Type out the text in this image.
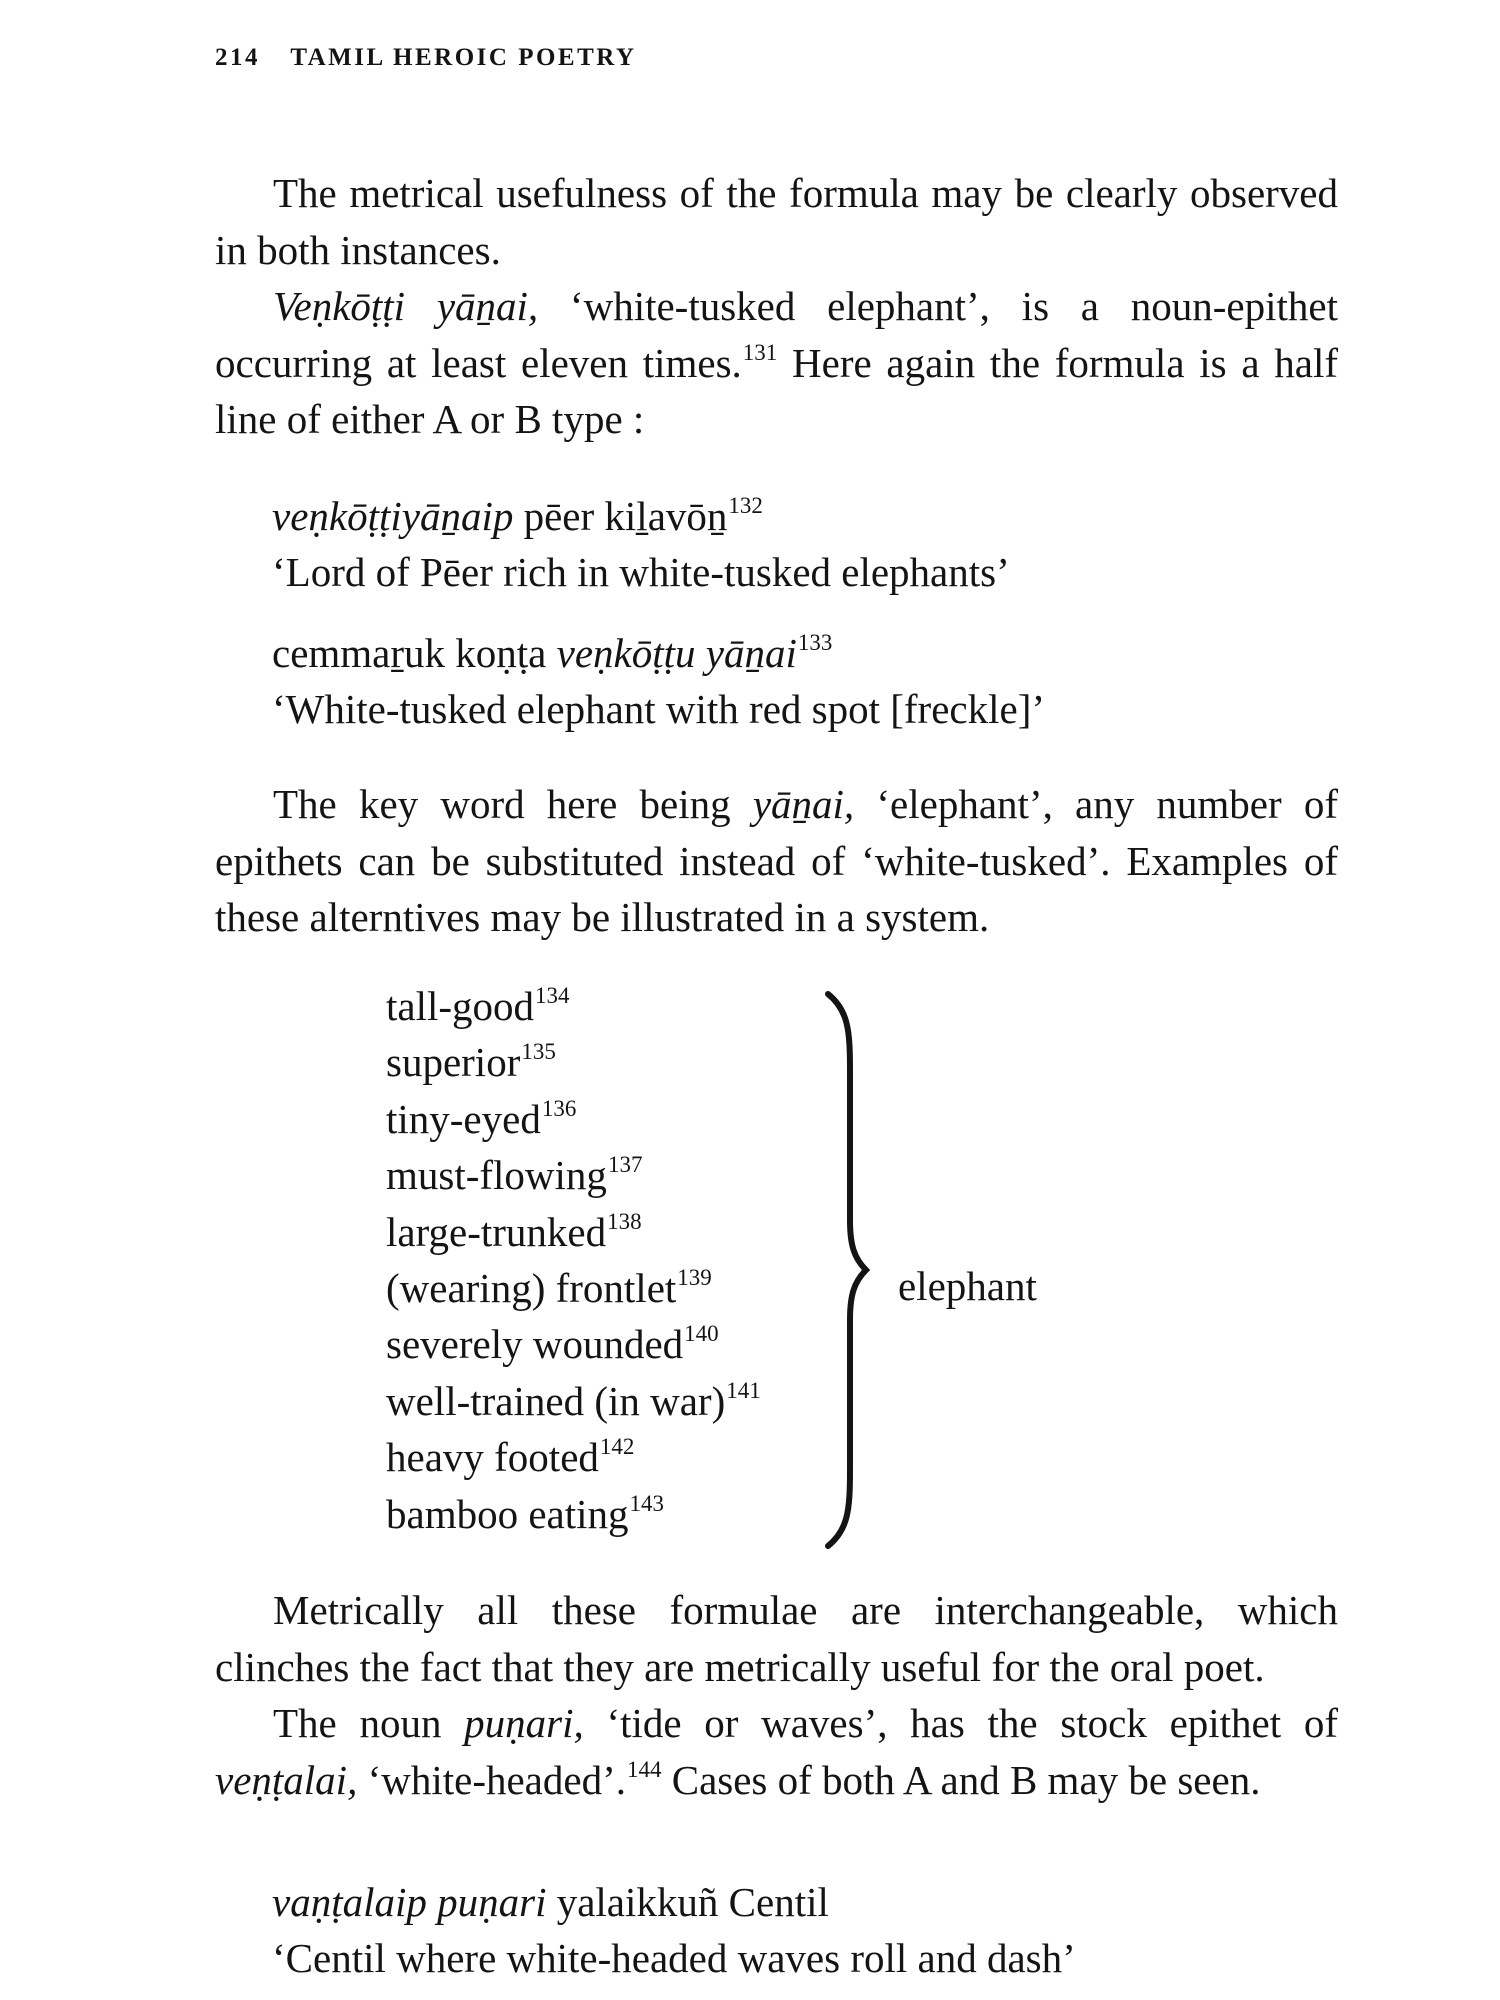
214 TAMIL HEROIC POETRY

The metrical usefulness of the formula may be clearly observed in both instances.

Veṇkōṭṭi yāṉai, ‘white-tusked elephant’, is a noun-epithet occurring at least eleven times.$^{131}$ Here again the formula is a half line of either A or B type :

veṇkōṭṭiyāṉaip pēer kiḻavōṉ$^{132}$
‘Lord of Pēer rich in white-tusked elephants’
cemmaṟuk koṇṭa veṇkōṭṭu yāṉai$^{133}$
‘White-tusked elephant with red spot [freckle]’

The key word here being yāṉai, ‘elephant’, any number of epithets can be substituted instead of ‘white-tusked’. Examples of these alterntives may be illustrated in a system.

tall-good$^{134}$
superior$^{135}$
tiny-eyed$^{136}$
must-flowing$^{137}$
large-trunked$^{138}$
(wearing) frontlet$^{139}$
severely wounded$^{140}$
well-trained (in war)$^{141}$
heavy footed$^{142}$
bamboo eating$^{143}$
elephant

Metrically all these formulae are interchangeable, which clinches the fact that they are metrically useful for the oral poet.

The noun puṇari, ‘tide or waves’, has the stock epithet of veṇṭalai, ‘white-headed’.$^{144}$ Cases of both A and B may be seen.

vaṇṭalaip puṇari yalaikkuñ Centil
‘Centil where white-headed waves roll and dash’
